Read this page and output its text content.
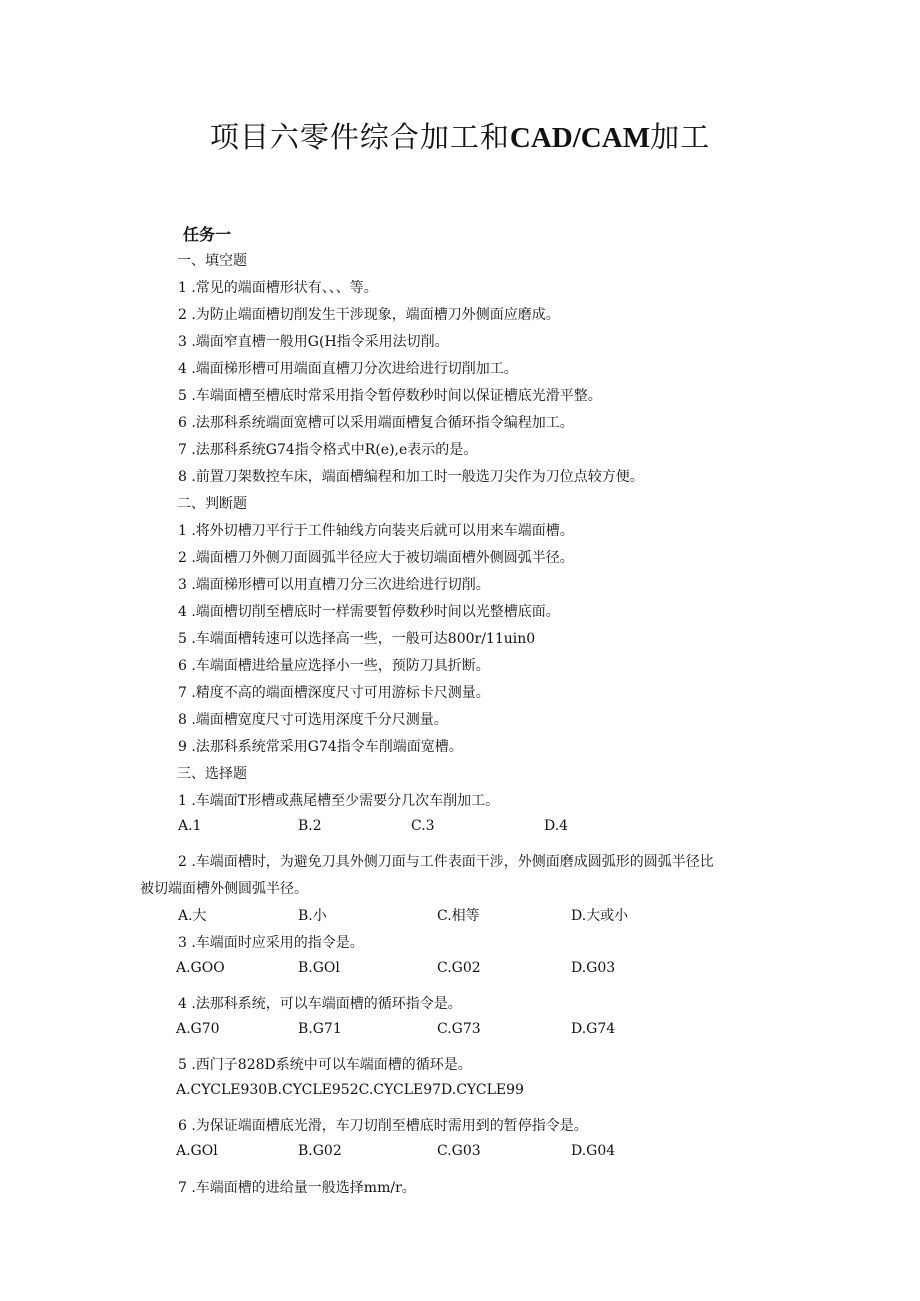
项目六零件综合加工和CAD/CAM加工
任务一
一、填空题
1 .常见的端面槽形状有、、、等。
2 .为防止端面槽切削发生干涉现象，端面槽刀外侧面应磨成。
3 .端面窄直槽一般用G(H指令采用法切削。
4 .端面梯形槽可用端面直槽刀分次进给进行切削加工。
5 .车端面槽至槽底时常采用指令暂停数秒时间以保证槽底光滑平整。
6 .法那科系统端面宽槽可以采用端面槽复合循环指令编程加工。
7 .法那科系统G74指令格式中R(e),e表示的是。
8 .前置刀架数控车床，端面槽编程和加工时一般选刀尖作为刀位点较方便。
二、判断题
1 .将外切槽刀平行于工件轴线方向装夹后就可以用来车端面槽。
2 .端面槽刀外侧刀面圆弧半径应大于被切端面槽外侧圆弧半径。
3 .端面梯形槽可以用直槽刀分三次进给进行切削。
4 .端面槽切削至槽底时一样需要暂停数秒时间以光整槽底面。
5 .车端面槽转速可以选择高一些，一般可达800r/11uin0
6 .车端面槽进给量应选择小一些，预防刀具折断。
7 .精度不高的端面槽深度尺寸可用游标卡尺测量。
8 .端面槽宽度尺寸可选用深度千分尺测量。
9 .法那科系统常采用G74指令车削端面宽槽。
三、选择题
1 .车端面T形槽或燕尾槽至少需要分几次车削加工。
A.1	B.2	C.3	D.4
2 .车端面槽时，为避免刀具外侧刀面与工件表面干涉，外侧面磨成圆弧形的圆弧半径比
被切端面槽外侧圆弧半径。
A.大	B.小	C.相等	D.大或小
3 .车端面时应采用的指令是。
A.GOO	B.GOl	C.G02	D.G03
4 .法那科系统，可以车端面槽的循环指令是。
A.G70	B.G71	C.G73	D.G74
5 .西门子828D系统中可以车端面槽的循环是。
A.CYCLE930B.CYCLE952C.CYCLE97D.CYCLE99
6 .为保证端面槽底光滑，车刀切削至槽底时需用到的暂停指令是。
A.GOl	B.G02	C.G03	D.G04
7 .车端面槽的进给量一般选择mm/r。
